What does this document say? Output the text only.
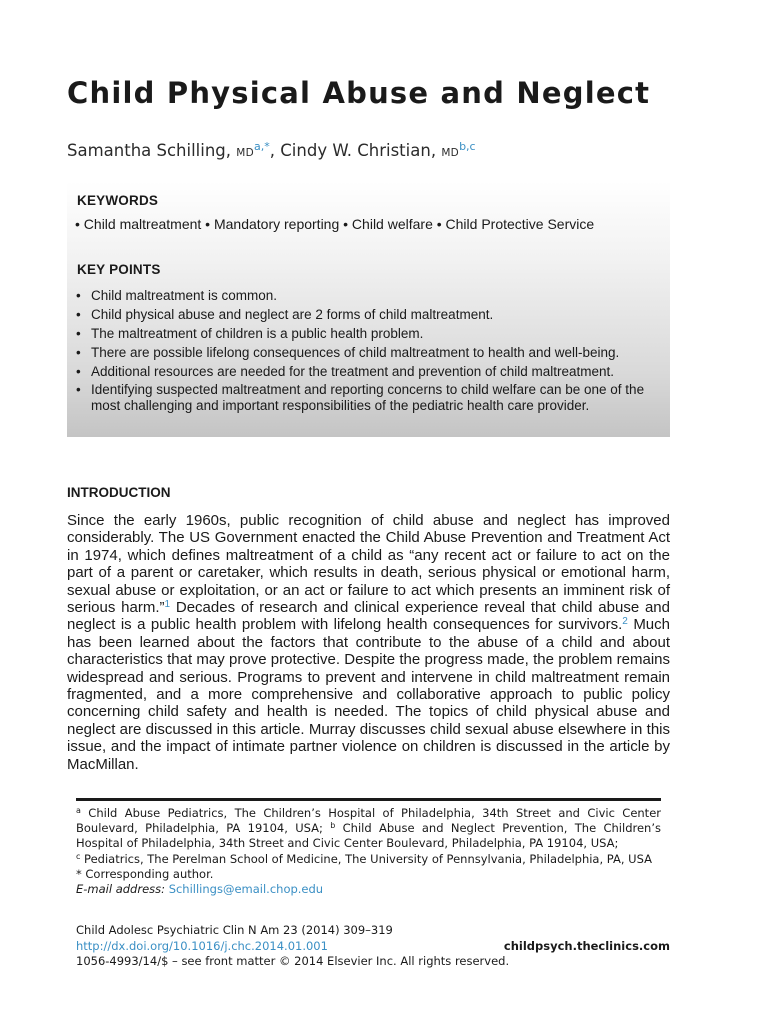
Child Physical Abuse and Neglect
Samantha Schilling, $MD^{a,*}$, Cindy W. Christian, MD$^{b,c}$
KEYWORDS
• Child maltreatment • Mandatory reporting • Child welfare • Child Protective Service
KEY POINTS
• Child maltreatment is common.
• Child physical abuse and neglect are 2 forms of child maltreatment.
• The maltreatment of children is a public health problem.
• There are possible lifelong consequences of child maltreatment to health and well-being.
• Additional resources are needed for the treatment and prevention of child maltreatment.
• Identifying suspected maltreatment and reporting concerns to child welfare can be one of the most challenging and important responsibilities of the pediatric health care provider.
INTRODUCTION

Since the early 1960s, public recognition of child abuse and neglect has improved considerably. The US Government enacted the Child Abuse Prevention and Treatment Act in 1974, which defines maltreatment of a child as “any recent act or failure to act on the part of a parent or caretaker, which results in death, serious physical or emotional harm, sexual abuse or exploitation, or an act or failure to act which presents an imminent risk of serious harm.”$^1$ Decades of research and clinical experience reveal that child abuse and neglect is a public health problem with lifelong health consequences for survivors.$^2$ Much has been learned about the factors that contribute to the abuse of a child and about characteristics that may prove protective. Despite the progress made, the problem remains widespread and serious. Programs to prevent and intervene in child maltreatment remain fragmented, and a more comprehensive and collaborative approach to public policy concerning child safety and health is needed. The topics of child physical abuse and neglect are discussed in this article. Murray discusses child sexual abuse elsewhere in this issue, and the impact of intimate partner violence on children is discussed in the article by MacMillan.

$^a$ Child Abuse Pediatrics, The Children’s Hospital of Philadelphia, 34th Street and Civic Center Boulevard, Philadelphia, PA 19104, USA; $^b$ Child Abuse and Neglect Prevention, The Children’s Hospital of Philadelphia, 34th Street and Civic Center Boulevard, Philadelphia, PA 19104, USA;

$^c$ Pediatrics, The Perelman School of Medicine, The University of Pennsylvania, Philadelphia, PA, USA

* Corresponding author.

E-mail address: Schillings@email.chop.edu

Child Adolesc Psychiatric Clin N Am 23 (2014) 309–319
http://dx.doi.org/10.1016/j.chc.2014.01.001	childpsych.theclinics.com
1056-4993/14/$ – see front matter © 2014 Elsevier Inc. All rights reserved.
